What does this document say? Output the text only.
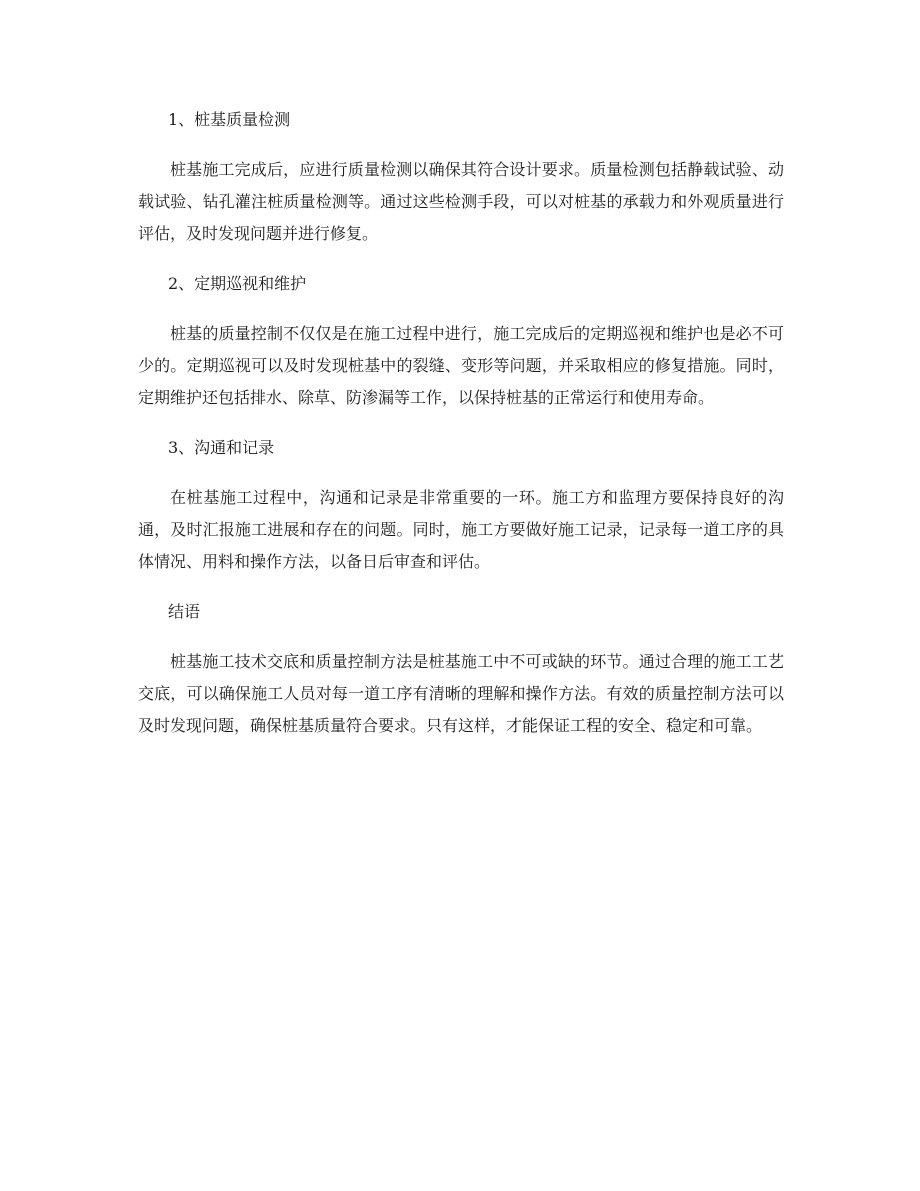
1、桩基质量检测

桩基施工完成后，应进行质量检测以确保其符合设计要求。质量检测包括静载试验、动载试验、钻孔灌注桩质量检测等。通过这些检测手段，可以对桩基的承载力和外观质量进行评估，及时发现问题并进行修复。

2、定期巡视和维护

桩基的质量控制不仅仅是在施工过程中进行，施工完成后的定期巡视和维护也是必不可少的。定期巡视可以及时发现桩基中的裂缝、变形等问题，并采取相应的修复措施。同时，定期维护还包括排水、除草、防渗漏等工作，以保持桩基的正常运行和使用寿命。

3、沟通和记录

在桩基施工过程中，沟通和记录是非常重要的一环。施工方和监理方要保持良好的沟通，及时汇报施工进展和存在的问题。同时，施工方要做好施工记录，记录每一道工序的具体情况、用料和操作方法，以备日后审查和评估。

结语

桩基施工技术交底和质量控制方法是桩基施工中不可或缺的环节。通过合理的施工工艺交底，可以确保施工人员对每一道工序有清晰的理解和操作方法。有效的质量控制方法可以及时发现问题，确保桩基质量符合要求。只有这样，才能保证工程的安全、稳定和可靠。
